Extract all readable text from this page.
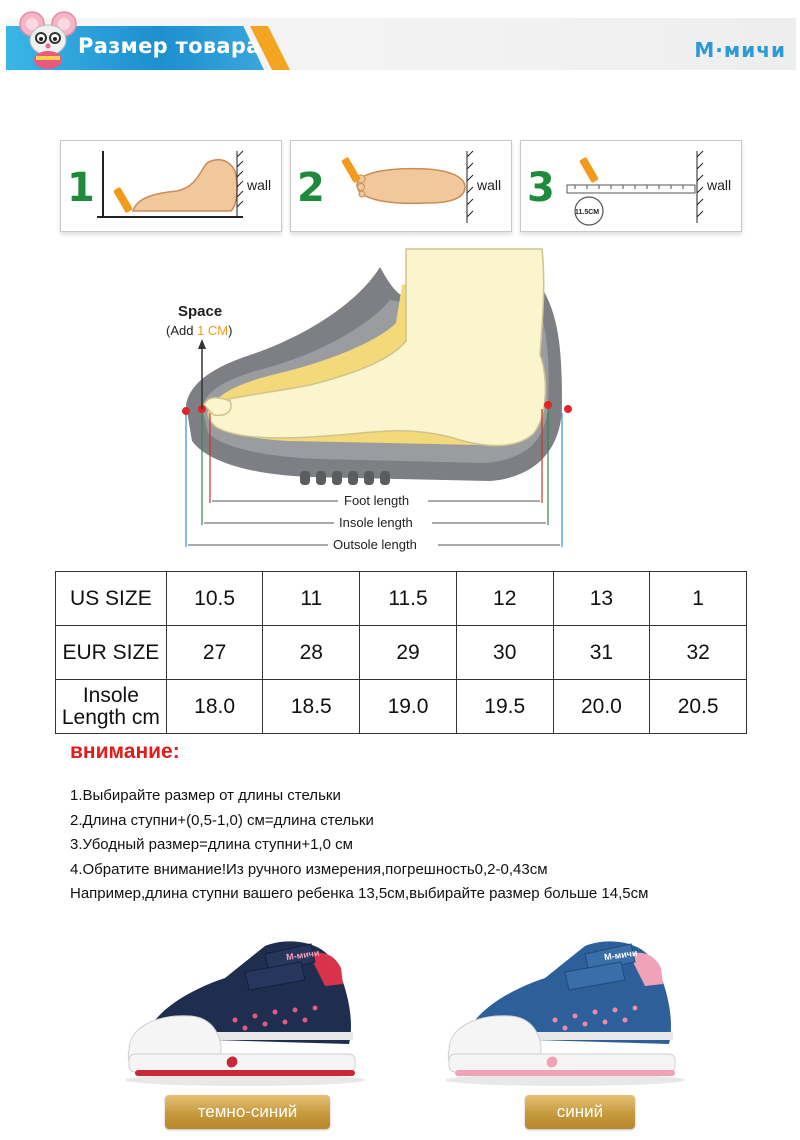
Размер товара	M·мичи
1	wall 2	wall 3
11.5CM
wall
Space
(Add 1 CM)
Foot length
Insole length
Outsole length
US SIZE	10.5	11	11.5	12	13	1
EUR SIZE	27	28	29	30	31	32

Insole
Length cm	18.0	18.5	19.0	19.5	20.0	20.5
внимание:
1.Выбирайте размер от длины стельки
2.Длина ступни+(0,5-1,0) см=длина стельки
3.Убодный размер=длина ступни+1,0 см
4.Обратите внимание!Из ручного измерения,погрешность0,2-0,43см
Например,длина ступни вашего ребенка 13,5см,выбирайте размер больше 14,5см
M-мичи	M-мичи
темно-синий	синий
